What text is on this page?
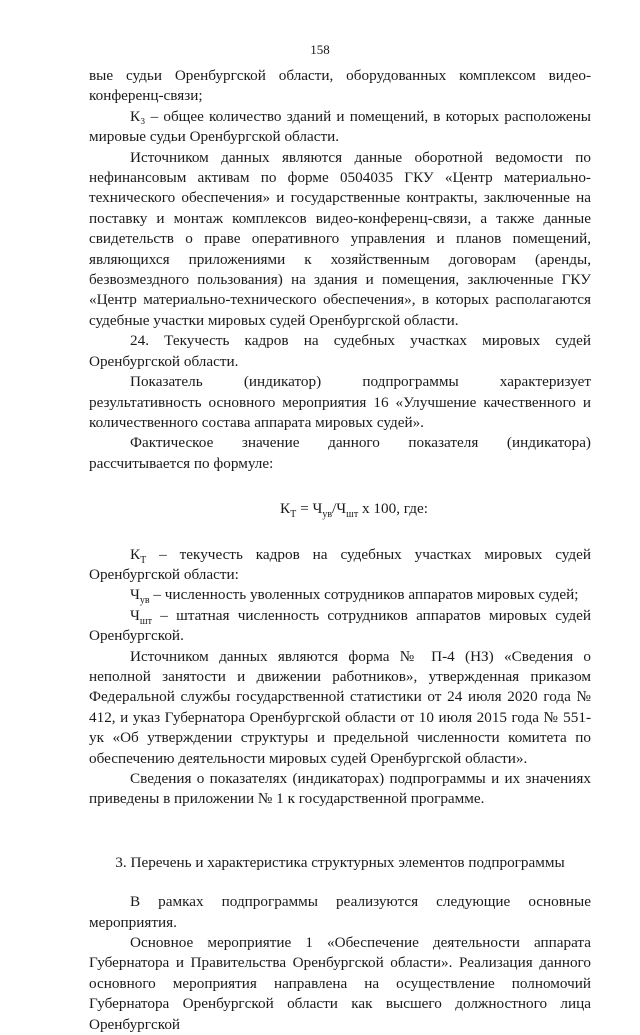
158

вые судьи Оренбургской области, оборудованных комплексом видео-конференц-связи;

К₃ – общее количество зданий и помещений, в которых расположены мировые судьи Оренбургской области.

Источником данных являются данные оборотной ведомости по нефинансовым активам по форме 0504035 ГКУ «Центр материально-технического обеспечения» и государственные контракты, заключенные на поставку и монтаж комплексов видео-конференц-связи, а также данные свидетельств о праве оперативного управления и планов помещений, являющихся приложениями к хозяйственным договорам (аренды, безвозмездного пользования) на здания и помещения, заключенные ГКУ «Центр материально-технического обеспечения», в которых располагаются судебные участки мировых судей Оренбургской области.

24. Текучесть кадров на судебных участках мировых судей Оренбургской области.

Показатель (индикатор) подпрограммы характеризует результативность основного мероприятия 16 «Улучшение качественного и количественного состава аппарата мировых судей».

Фактическое значение данного показателя (индикатора) рассчитывается по формуле:

$К_Т = Ч_{ув}/Ч_{шт}$ х 100, где:

$К_Т$ – текучесть кадров на судебных участках мировых судей Оренбургской области:

$Ч_{ув}$ – численность уволенных сотрудников аппаратов мировых судей;

$Ч_{шт}$ – штатная численность сотрудников аппаратов мировых судей Оренбургской.

Источником данных являются форма № П-4 (НЗ) «Сведения о неполной занятости и движении работников», утвержденная приказом Федеральной службы государственной статистики от 24 июля 2020 года № 412, и указ Губернатора Оренбургской области от 10 июля 2015 года № 551-ук «Об утверждении структуры и предельной численности комитета по обеспечению деятельности мировых судей Оренбургской области».

Сведения о показателях (индикаторах) подпрограммы и их значениях приведены в приложении № 1 к государственной программе.

3. Перечень и характеристика структурных элементов подпрограммы

В рамках подпрограммы реализуются следующие основные мероприятия.

Основное мероприятие 1 «Обеспечение деятельности аппарата Губернатора и Правительства Оренбургской области». Реализация данного основного мероприятия направлена на осуществление полномочий Губернатора Оренбургской области как высшего должностного лица Оренбургской
